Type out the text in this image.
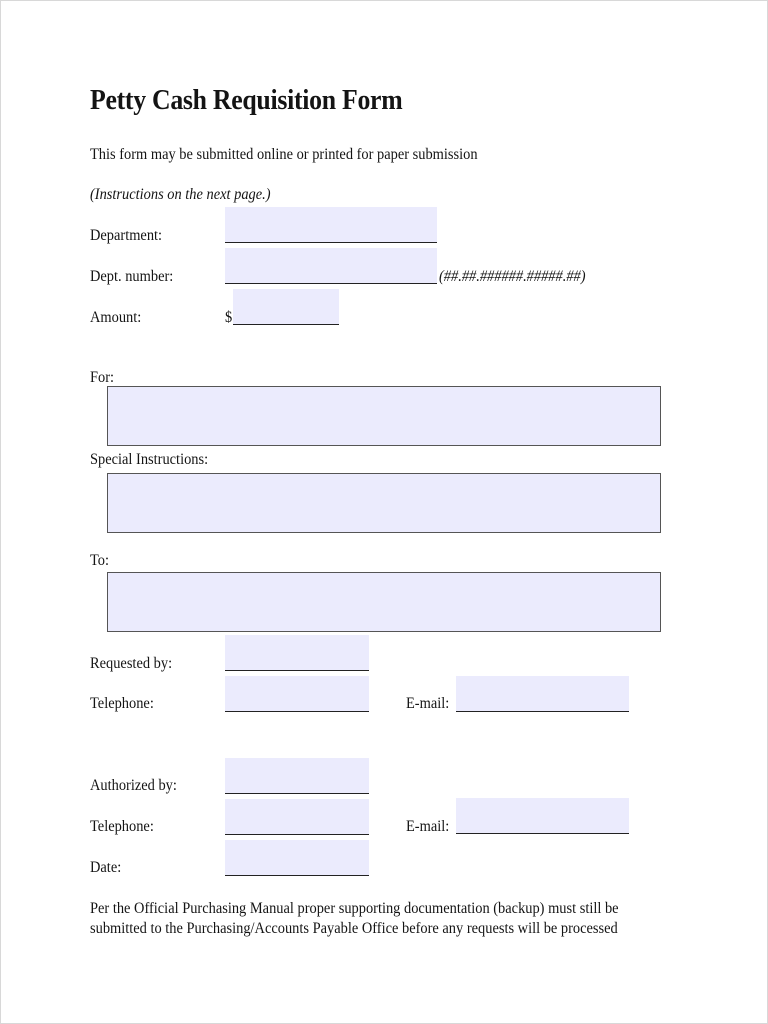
Petty Cash Requisition Form
This form may be submitted online or printed for paper submission
(Instructions on the next page.)
Department:
Dept. number:	(##.##.######.#####.##)
Amount:	$
For:
Special Instructions:
To:
Requested by:
Telephone:	E-mail:
Authorized by:
Telephone:	E-mail:
Date:
Per the Official Purchasing Manual proper supporting documentation (backup) must still be
submitted to the Purchasing/Accounts Payable Office before any requests will be processed
